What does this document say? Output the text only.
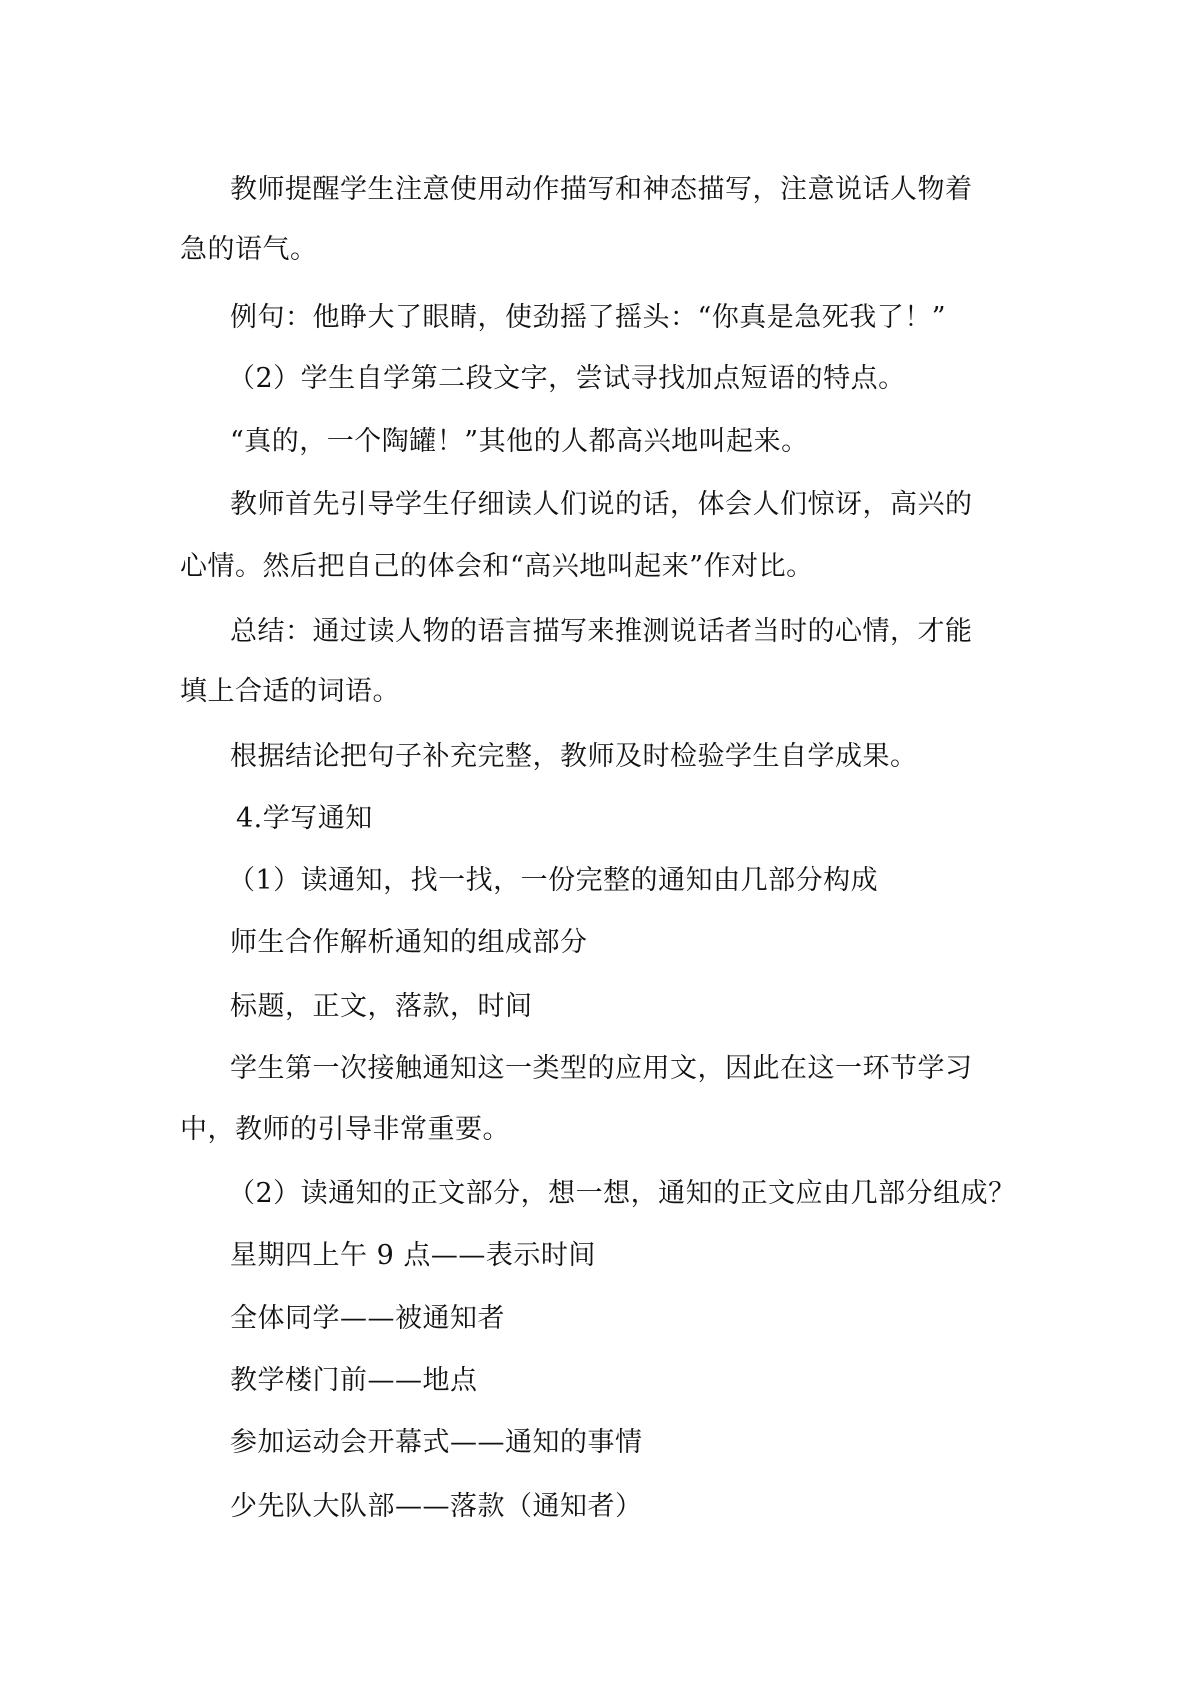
教师提醒学生注意使用动作描写和神态描写，注意说话人物着
急的语气。
例句：他睁大了眼睛，使劲摇了摇头：“你真是急死我了！”
（2）学生自学第二段文字，尝试寻找加点短语的特点。
“真的，一个陶罐！”其他的人都高兴地叫起来。
教师首先引导学生仔细读人们说的话，体会人们惊讶，高兴的
心情。然后把自己的体会和“高兴地叫起来”作对比。
总结：通过读人物的语言描写来推测说话者当时的心情，才能
填上合适的词语。
根据结论把句子补充完整，教师及时检验学生自学成果。
4.学写通知
（1）读通知，找一找，一份完整的通知由几部分构成
师生合作解析通知的组成部分
标题，正文，落款，时间
学生第一次接触通知这一类型的应用文，因此在这一环节学习
中，教师的引导非常重要。
（2）读通知的正文部分，想一想，通知的正文应由几部分组成？
星期四上午 9 点——表示时间
全体同学——被通知者
教学楼门前——地点
参加运动会开幕式——通知的事情
少先队大队部——落款（通知者）
